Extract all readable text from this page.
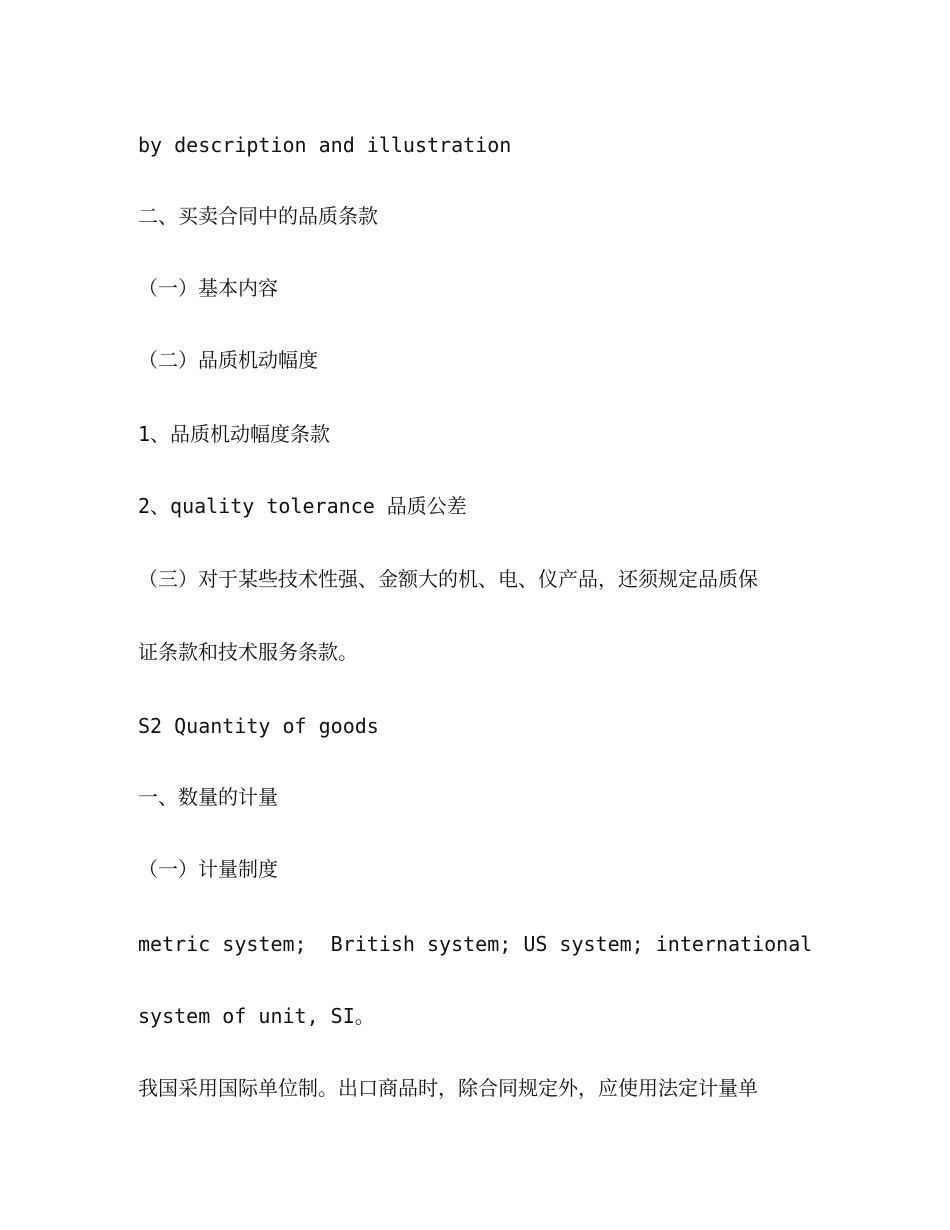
by description and illustration
二、买卖合同中的品质条款
（一）基本内容
（二）品质机动幅度
1、品质机动幅度条款
2、quality tolerance 品质公差
（三）对于某些技术性强、金额大的机、电、仪产品，还须规定品质保
证条款和技术服务条款。
S2 Quantity of goods
一、数量的计量
（一）计量制度
metric system;  British system; US system; international
system of unit, SI。
我国采用国际单位制。出口商品时，除合同规定外，应使用法定计量单
